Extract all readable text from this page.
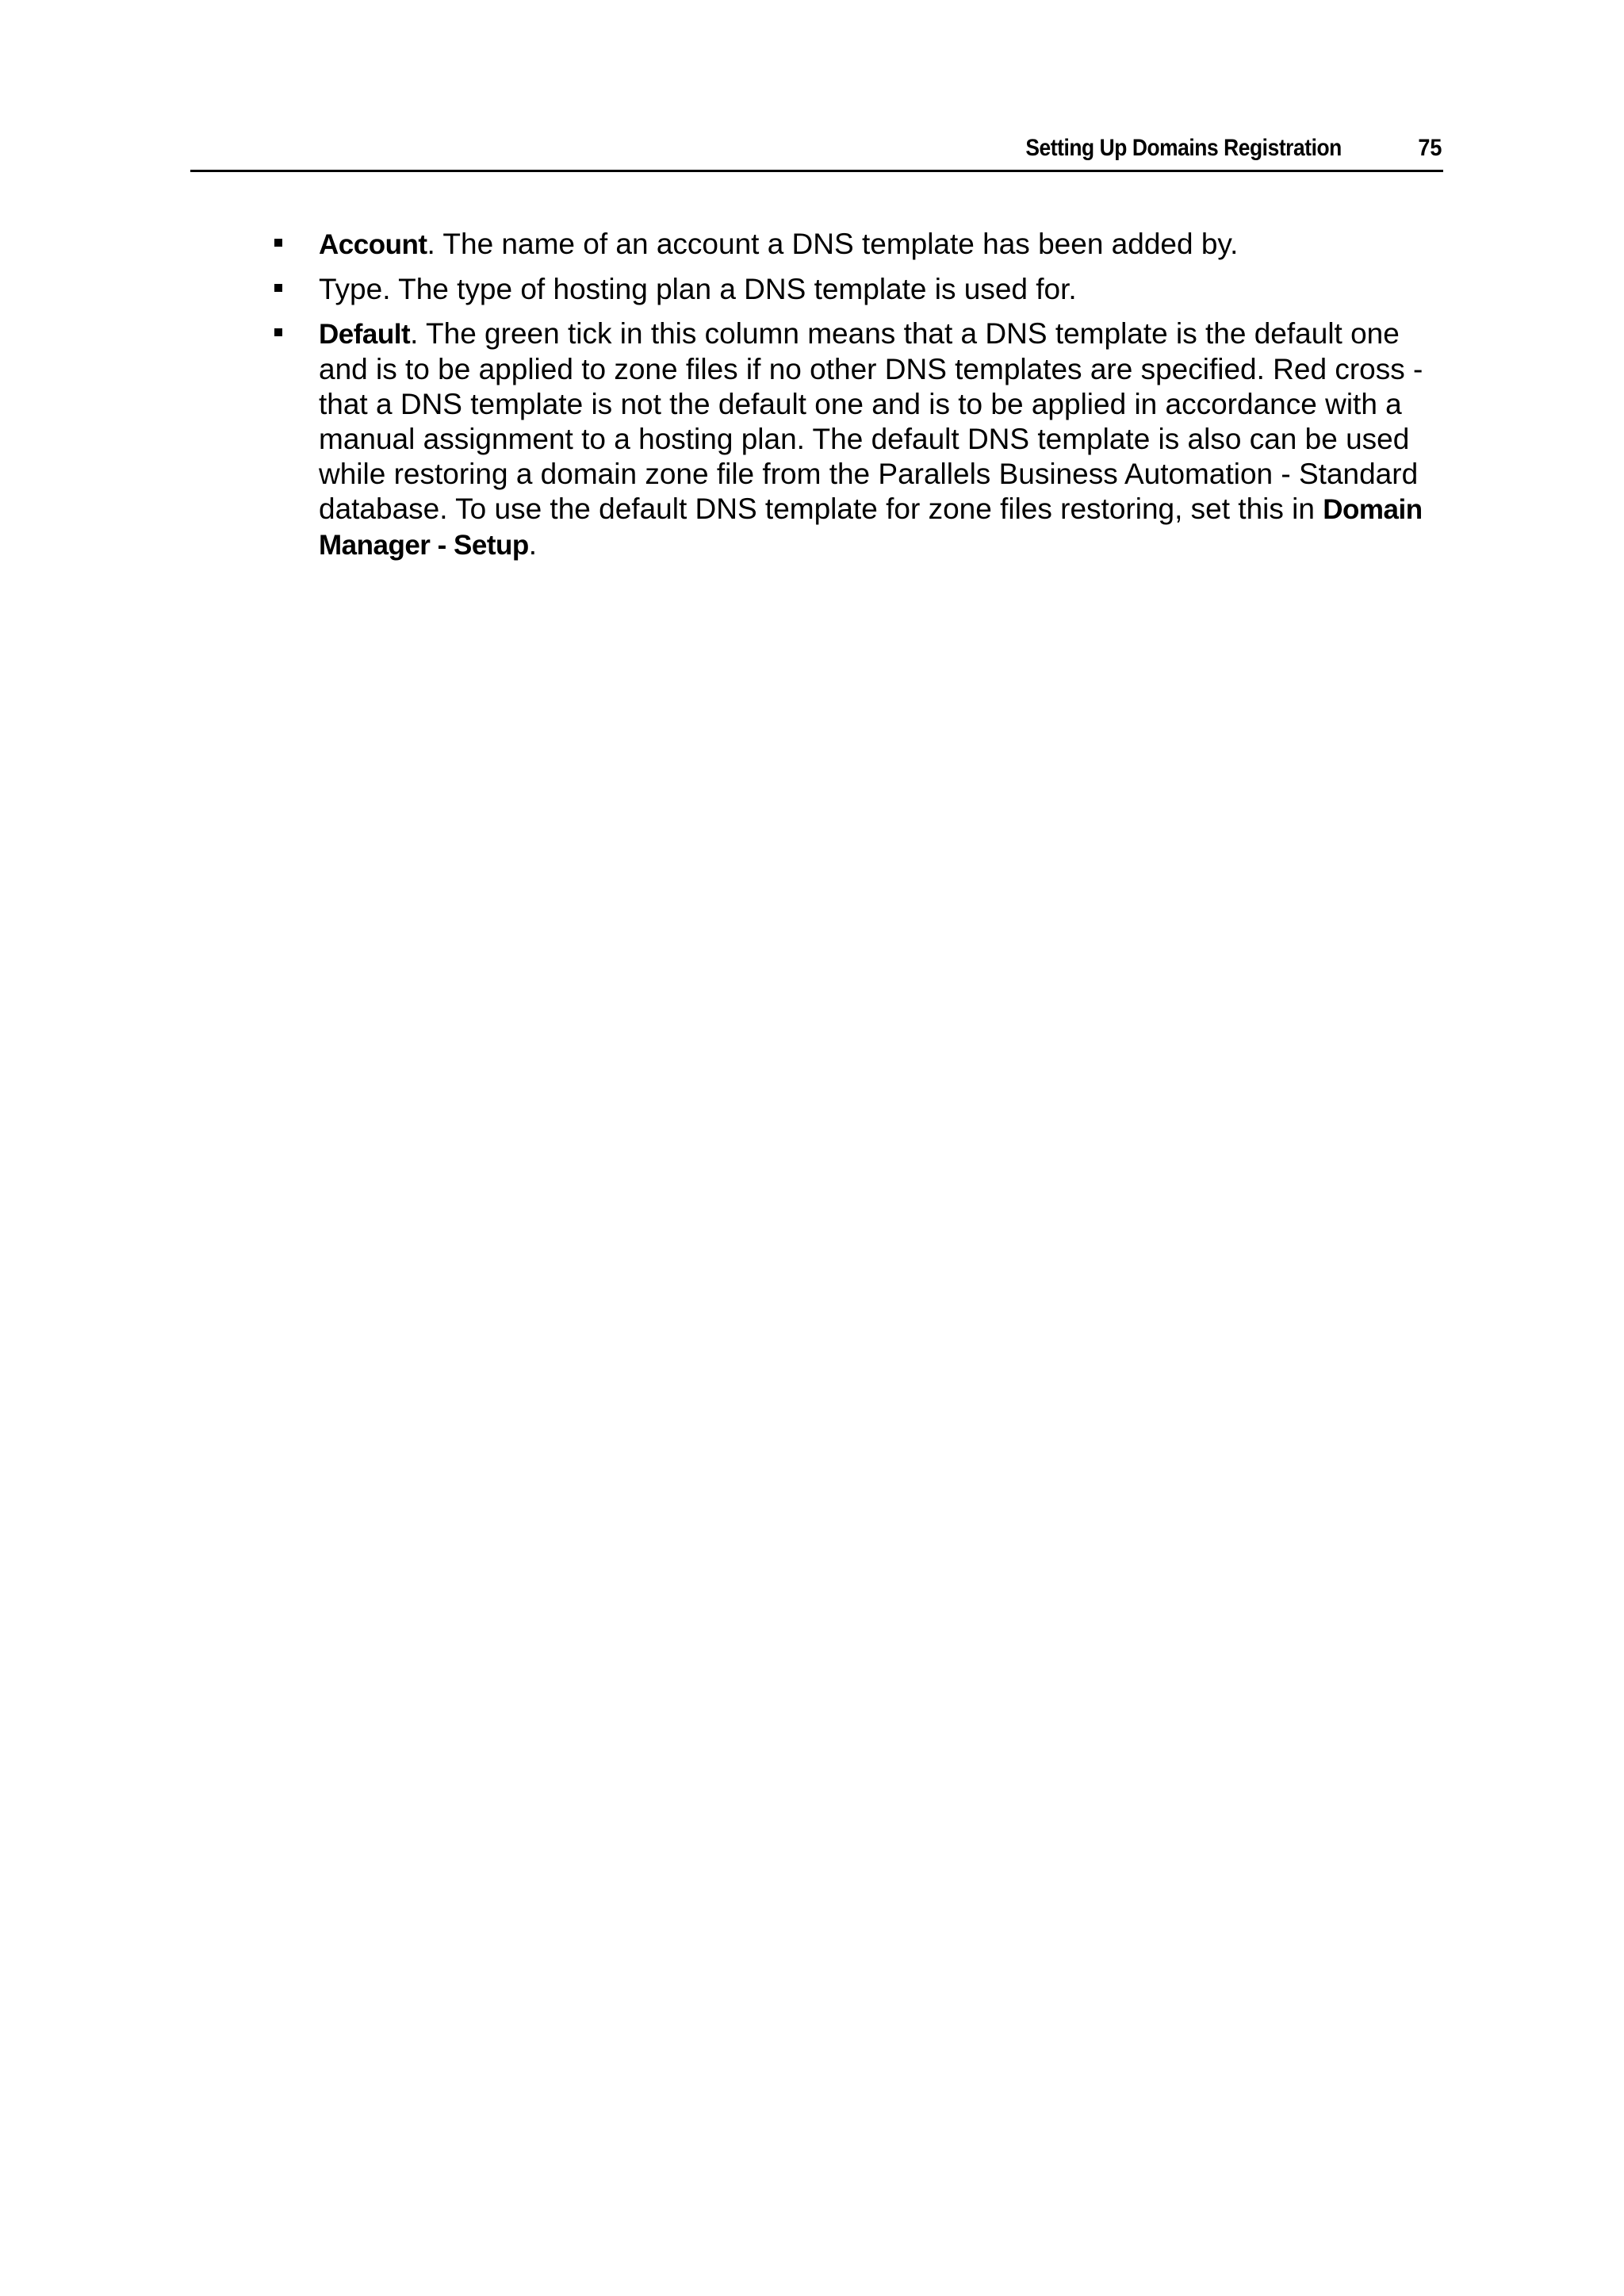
Setting Up Domains Registration	75
Account. The name of an account a DNS template has been added by.
Type. The type of hosting plan a DNS template is used for.
Default. The green tick in this column means that a DNS template is the default one and is to be applied to zone files if no other DNS templates are specified. Red cross - that a DNS template is not the default one and is to be applied in accordance with a manual assignment to a hosting plan. The default DNS template is also can be used while restoring a domain zone file from the Parallels Business Automation - Standard database. To use the default DNS template for zone files restoring, set this in Domain Manager - Setup.
